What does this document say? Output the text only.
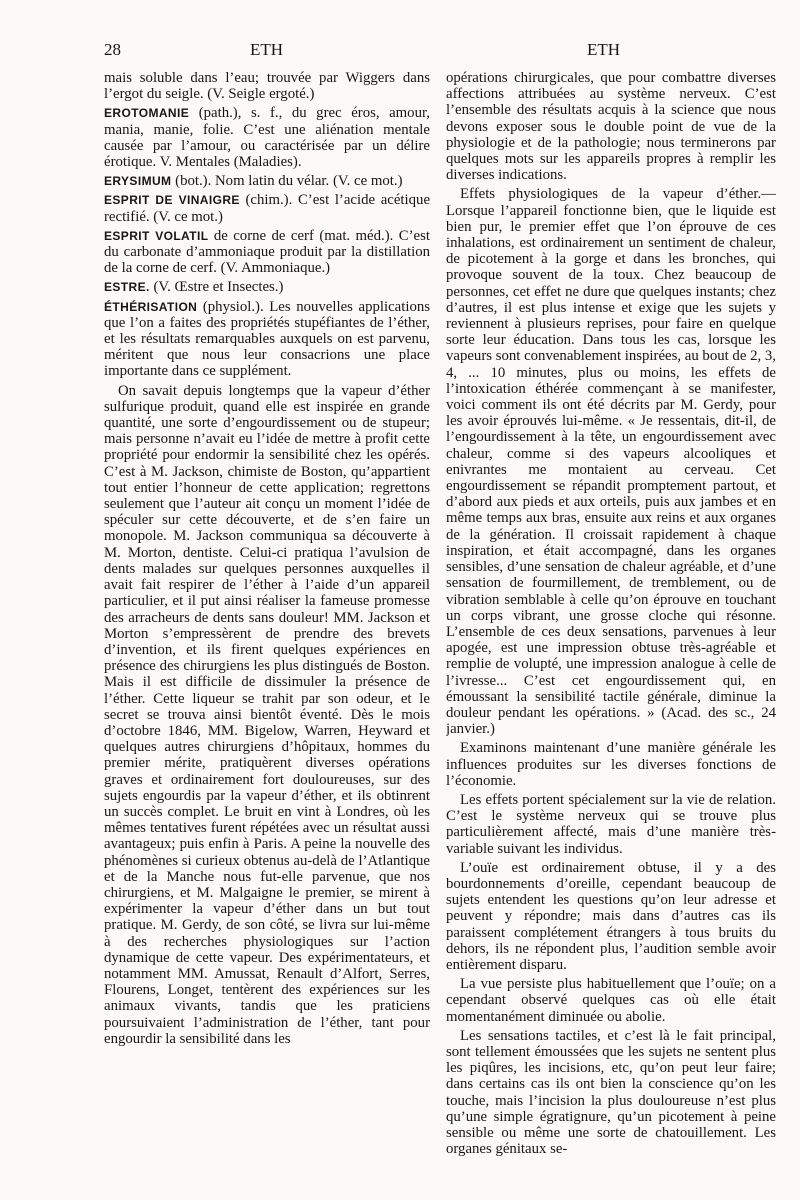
28	ETH	ETH

mais soluble dans l’eau; trouvée par Wiggers dans l’ergot du seigle. (V. Seigle ergoté.)

EROTOMANIE (path.), s. f., du grec éros, amour, mania, manie, folie. C’est une aliénation mentale causée par l’amour, ou caractérisée par un délire érotique. V. Mentales (Maladies).

ERYSIMUM (bot.). Nom latin du vélar. (V. ce mot.)

ESPRIT DE VINAIGRE (chim.). C’est l’acide acétique rectifié. (V. ce mot.)

ESPRIT VOLATIL de corne de cerf (mat. méd.). C’est du carbonate d’ammoniaque produit par la distillation de la corne de cerf. (V. Ammoniaque.)

ESTRE. (V. Œstre et Insectes.)

ÉTHÉRISATION (physiol.). Les nouvelles applications que l’on a faites des propriétés stupéfiantes de l’éther, et les résultats remarquables auxquels on est parvenu, méritent que nous leur consacrions une place importante dans ce supplément.

On savait depuis longtemps que la vapeur d’éther sulfurique produit, quand elle est inspirée en grande quantité, une sorte d’engourdissement ou de stupeur; mais personne n’avait eu l’idée de mettre à profit cette propriété pour endormir la sensibilité chez les opérés. C’est à M. Jackson, chimiste de Boston, qu’appartient tout entier l’honneur de cette application; regrettons seulement que l’auteur ait conçu un moment l’idée de spéculer sur cette découverte, et de s’en faire un monopole. M. Jackson communiqua sa découverte à M. Morton, dentiste. Celui-ci pratiqua l’avulsion de dents malades sur quelques personnes auxquelles il avait fait respirer de l’éther à l’aide d’un appareil particulier, et il put ainsi réaliser la fameuse promesse des arracheurs de dents sans douleur! MM. Jackson et Morton s’empressèrent de prendre des brevets d’invention, et ils firent quelques expériences en présence des chirurgiens les plus distingués de Boston. Mais il est difficile de dissimuler la présence de l’éther. Cette liqueur se trahit par son odeur, et le secret se trouva ainsi bientôt éventé. Dès le mois d’octobre 1846, MM. Bigelow, Warren, Heyward et quelques autres chirurgiens d’hôpitaux, hommes du premier mérite, pratiquèrent diverses opérations graves et ordinairement fort douloureuses, sur des sujets engourdis par la vapeur d’éther, et ils obtinrent un succès complet. Le bruit en vint à Londres, où les mêmes tentatives furent répétées avec un résultat aussi avantageux; puis enfin à Paris. A peine la nouvelle des phénomènes si curieux obtenus au-delà de l’Atlantique et de la Manche nous fut-elle parvenue, que nos chirurgiens, et M. Malgaigne le premier, se mirent à expérimenter la vapeur d’éther dans un but tout pratique. M. Gerdy, de son côté, se livra sur lui-même à des recherches physiologiques sur l’action dynamique de cette vapeur. Des expérimentateurs, et notamment MM. Amussat, Renault d’Alfort, Serres, Flourens, Longet, tentèrent des expériences sur les animaux vivants, tandis que les praticiens poursuivaient l’administration de l’éther, tant pour engourdir la sensibilité dans les

opérations chirurgicales, que pour combattre diverses affections attribuées au système nerveux. C’est l’ensemble des résultats acquis à la science que nous devons exposer sous le double point de vue de la physiologie et de la pathologie; nous terminerons par quelques mots sur les appareils propres à remplir les diverses indications.

Effets physiologiques de la vapeur d’éther.—Lorsque l’appareil fonctionne bien, que le liquide est bien pur, le premier effet que l’on éprouve de ces inhalations, est ordinairement un sentiment de chaleur, de picotement à la gorge et dans les bronches, qui provoque souvent de la toux. Chez beaucoup de personnes, cet effet ne dure que quelques instants; chez d’autres, il est plus intense et exige que les sujets y reviennent à plusieurs reprises, pour faire en quelque sorte leur éducation. Dans tous les cas, lorsque les vapeurs sont convenablement inspirées, au bout de 2, 3, 4, ... 10 minutes, plus ou moins, les effets de l’intoxication éthérée commençant à se manifester, voici comment ils ont été décrits par M. Gerdy, pour les avoir éprouvés lui-même. « Je ressentais, dit-il, de l’engourdissement à la tête, un engourdissement avec chaleur, comme si des vapeurs alcooliques et enivrantes me montaient au cerveau. Cet engourdissement se répandit promptement partout, et d’abord aux pieds et aux orteils, puis aux jambes et en même temps aux bras, ensuite aux reins et aux organes de la génération. Il croissait rapidement à chaque inspiration, et était accompagné, dans les organes sensibles, d’une sensation de chaleur agréable, et d’une sensation de fourmillement, de tremblement, ou de vibration semblable à celle qu’on éprouve en touchant un corps vibrant, une grosse cloche qui résonne. L’ensemble de ces deux sensations, parvenues à leur apogée, est une impression obtuse très-agréable et remplie de volupté, une impression analogue à celle de l’ivresse... C’est cet engourdissement qui, en émoussant la sensibilité tactile générale, diminue la douleur pendant les opérations. » (Acad. des sc., 24 janvier.)

Examinons maintenant d’une manière générale les influences produites sur les diverses fonctions de l’économie.

Les effets portent spécialement sur la vie de relation. C’est le système nerveux qui se trouve plus particulièrement affecté, mais d’une manière très-variable suivant les individus.

L’ouïe est ordinairement obtuse, il y a des bourdonnements d’oreille, cependant beaucoup de sujets entendent les questions qu’on leur adresse et peuvent y répondre; mais dans d’autres cas ils paraissent complétement étrangers à tous bruits du dehors, ils ne répondent plus, l’audition semble avoir entièrement disparu.

La vue persiste plus habituellement que l’ouïe; on a cependant observé quelques cas où elle était momentanément diminuée ou abolie.

Les sensations tactiles, et c’est là le fait principal, sont tellement émoussées que les sujets ne sentent plus les piqûres, les incisions, etc, qu’on peut leur faire; dans certains cas ils ont bien la conscience qu’on les touche, mais l’incision la plus douloureuse n’est plus qu’une simple égratignure, qu’un picotement à peine sensible ou même une sorte de chatouillement. Les organes génitaux se-
